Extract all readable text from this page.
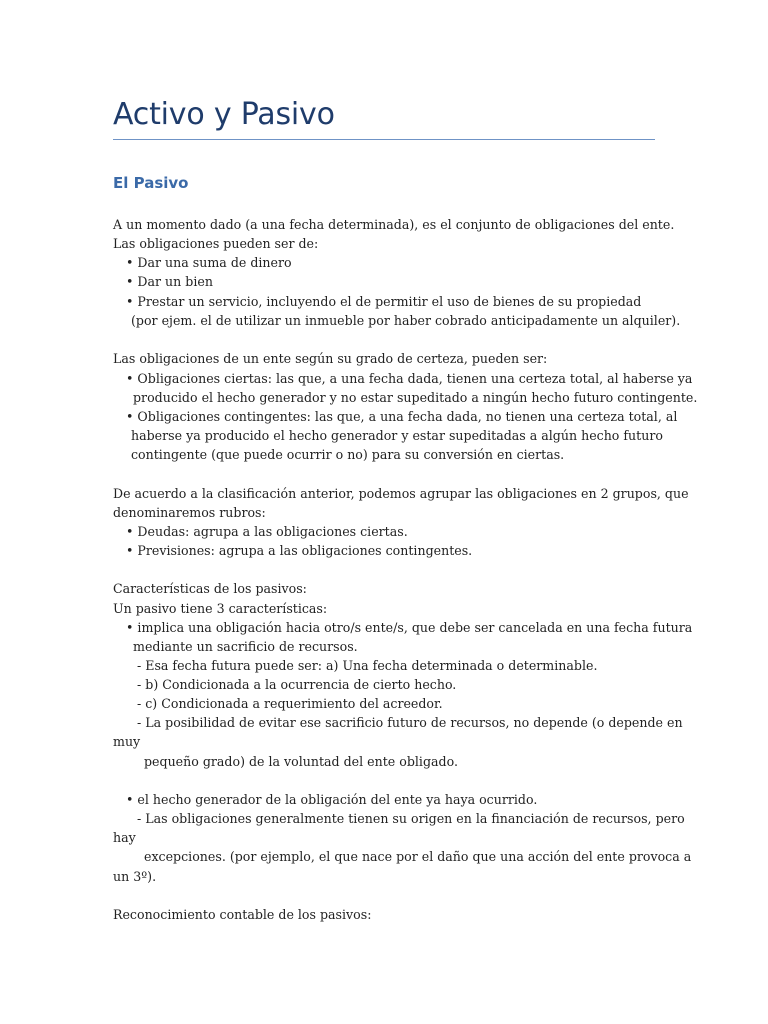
Activo y Pasivo
El Pasivo
A un momento dado (a una fecha determinada), es el conjunto de obligaciones del ente.
Las obligaciones pueden ser de:
• Dar una suma de dinero
• Dar un bien
• Prestar un servicio, incluyendo el de permitir el uso de bienes de su propiedad
(por ejem. el de utilizar un inmueble por haber cobrado anticipadamente un alquiler).
Las obligaciones de un ente según su grado de certeza, pueden ser:
• Obligaciones ciertas: las que, a una fecha dada, tienen una certeza total, al haberse ya
producido el hecho generador y no estar supeditado a ningún hecho futuro contingente.
• Obligaciones contingentes: las que, a una fecha dada, no tienen una certeza total, al
haberse ya producido el hecho generador y estar supeditadas a algún hecho futuro
contingente (que puede ocurrir o no) para su conversión en ciertas.
De acuerdo a la clasificación anterior, podemos agrupar las obligaciones en 2 grupos, que
denominaremos rubros:
• Deudas: agrupa a las obligaciones ciertas.
• Previsiones: agrupa a las obligaciones contingentes.
Características de los pasivos:
Un pasivo tiene 3 características:
• implica una obligación hacia otro/s ente/s, que debe ser cancelada en una fecha futura
mediante un sacrificio de recursos.
- Esa fecha futura puede ser: a) Una fecha determinada o determinable.
- b) Condicionada a la ocurrencia de cierto hecho.
- c) Condicionada a requerimiento del acreedor.
- La posibilidad de evitar ese sacrificio futuro de recursos, no depende (o depende en
muy
pequeño grado) de la voluntad del ente obligado.
• el hecho generador de la obligación del ente ya haya ocurrido.
- Las obligaciones generalmente tienen su origen en la financiación de recursos, pero
hay
excepciones. (por ejemplo, el que nace por el daño que una acción del ente provoca a
un 3º).
Reconocimiento contable de los pasivos:
